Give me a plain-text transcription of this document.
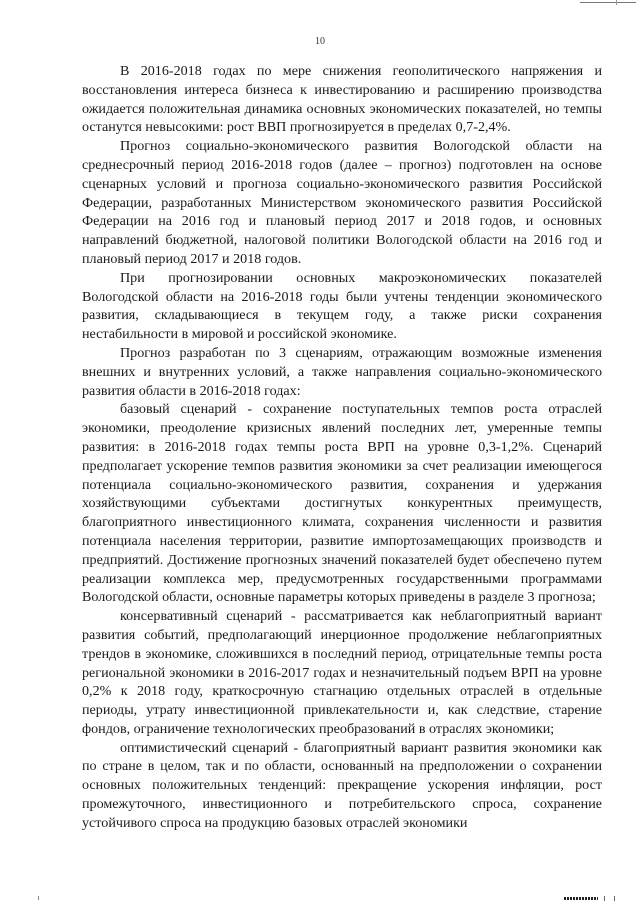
10

В 2016-2018 годах по мере снижения геополитического напряжения и восстановления интереса бизнеса к инвестированию и расширению производства ожидается положительная динамика основных экономических показателей, но темпы останутся невысокими: рост ВВП прогнозируется в пределах 0,7-2,4%.

Прогноз социально-экономического развития Вологодской области на среднесрочный период 2016-2018 годов (далее – прогноз) подготовлен на основе сценарных условий и прогноза социально-экономического развития Российской Федерации, разработанных Министерством экономического развития Российской Федерации на 2016 год и плановый период 2017 и 2018 годов, и основных направлений бюджетной, налоговой политики Вологодской области на 2016 год и плановый период 2017 и 2018 годов.

При прогнозировании основных макроэкономических показателей Вологодской области на 2016-2018 годы были учтены тенденции экономического развития, складывающиеся в текущем году, а также риски сохранения нестабильности в мировой и российской экономике.

Прогноз разработан по 3 сценариям, отражающим возможные изменения внешних и внутренних условий, а также направления социально-экономического развития области в 2016-2018 годах:

базовый сценарий - сохранение поступательных темпов роста отраслей экономики, преодоление кризисных явлений последних лет, умеренные темпы развития: в 2016-2018 годах темпы роста ВРП на уровне 0,3-1,2%. Сценарий предполагает ускорение темпов развития экономики за счет реализации имеющегося потенциала социально-экономического развития, сохранения и удержания хозяйствующими субъектами достигнутых конкурентных преимуществ, благоприятного инвестиционного климата, сохранения численности и развития потенциала населения территории, развитие импортозамещающих производств и предприятий. Достижение прогнозных значений показателей будет обеспечено путем реализации комплекса мер, предусмотренных государственными программами Вологодской области, основные параметры которых приведены в разделе 3 прогноза;

консервативный сценарий - рассматривается как неблагоприятный вариант развития событий, предполагающий инерционное продолжение неблагоприятных трендов в экономике, сложившихся в последний период, отрицательные темпы роста региональной экономики в 2016-2017 годах и незначительный подъем ВРП на уровне 0,2% к 2018 году, краткосрочную стагнацию отдельных отраслей в отдельные периоды, утрату инвестиционной привлекательности и, как следствие, старение фондов, ограничение технологических преобразований в отраслях экономики;

оптимистический сценарий - благоприятный вариант развития экономики как по стране в целом, так и по области, основанный на предположении о сохранении основных положительных тенденций: прекращение ускорения инфляции, рост промежуточного, инвестиционного и потребительского спроса, сохранение устойчивого спроса на продукцию базовых отраслей экономики
